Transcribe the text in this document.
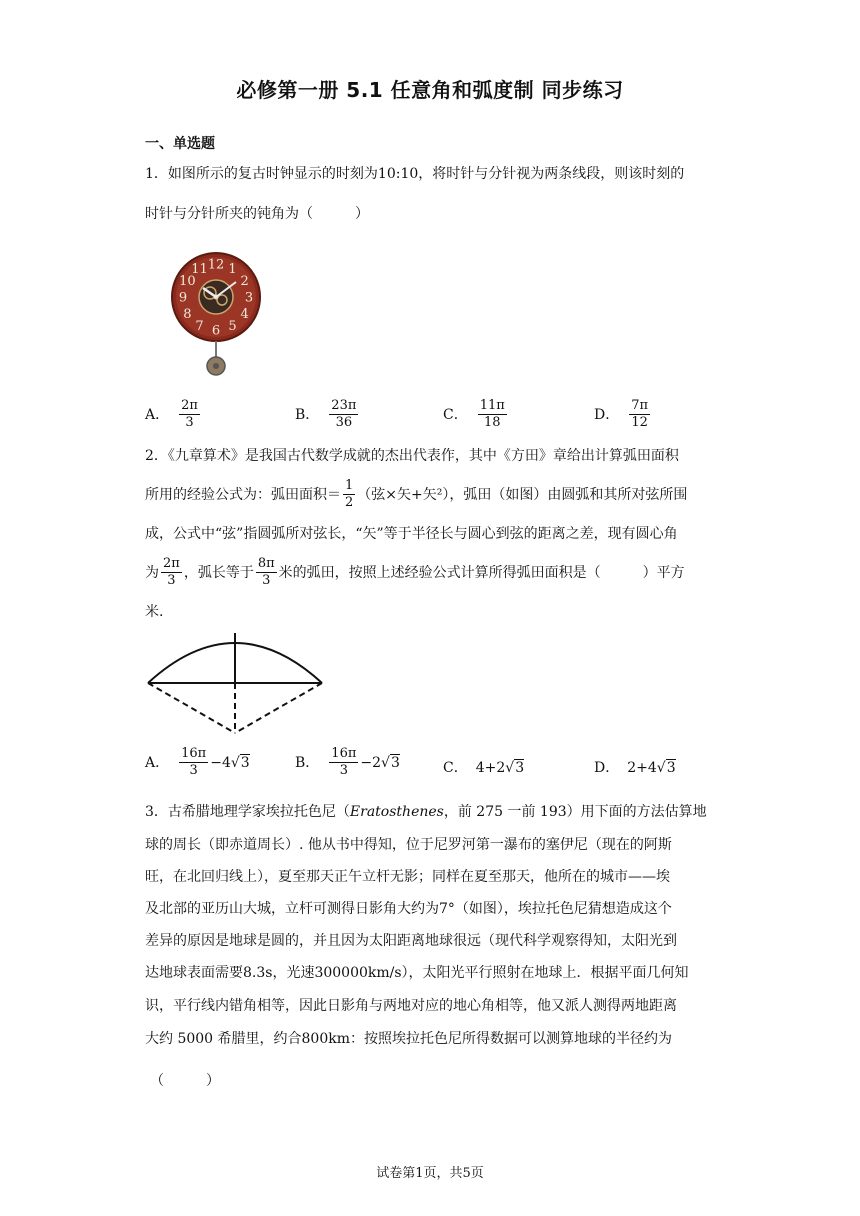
必修第一册 5.1 任意角和弧度制 同步练习
一、单选题
1．如图所示的复古时钟显示的时刻为10:10，将时针与分针视为两条线段，则该时刻的
时针与分针所夹的钝角为（　　　）
12 1
2
3
4
5
6
7
8
9
10
11
A． $\frac{2\pi}{3}$	B． $\frac{23\pi}{36}$	C． $\frac{11\pi}{18}$	D． $\frac{7\pi}{12}$
2．《九章算术》是我国古代数学成就的杰出代表作，其中《方田》章给出计算弧田面积
所用的经验公式为：弧田面积＝ $\frac{1}{2}$ （弦×矢+矢²），弧田（如图）由圆弧和其所对弦所围
成，公式中“弦”指圆弧所对弦长，“矢”等于半径长与圆心到弦的距离之差，现有圆心角
为 $\frac{2\pi}{3}$ ，弧长等于 $\frac{8\pi}{3}$ 米的弧田，按照上述经验公式计算所得弧田面积是（　　　）平方
米.
A． $\frac{16\pi}{3} -4√3$	B． $\frac{16\pi}{3} -2√3$	C． 4+2√3	D． 2+4√3
3．古希腊地理学家埃拉托色尼（Eratosthenes，前 275 一前 193）用下面的方法估算地
球的周长（即赤道周长）. 他从书中得知，位于尼罗河第一瀑布的塞伊尼（现在的阿斯
旺，在北回归线上），夏至那天正午立杆无影；同样在夏至那天，他所在的城市——埃
及北部的亚历山大城，立杆可测得日影角大约为7°（如图），埃拉托色尼猜想造成这个
差异的原因是地球是圆的，并且因为太阳距离地球很远（现代科学观察得知，太阳光到
达地球表面需要8.3s，光速300000km/s），太阳光平行照射在地球上．根据平面几何知
识，平行线内错角相等，因此日影角与两地对应的地心角相等，他又派人测得两地距离
大约 5000 希腊里，约合800km：按照埃拉托色尼所得数据可以测算地球的半径约为
（　　　）
试卷第1页，共5页
